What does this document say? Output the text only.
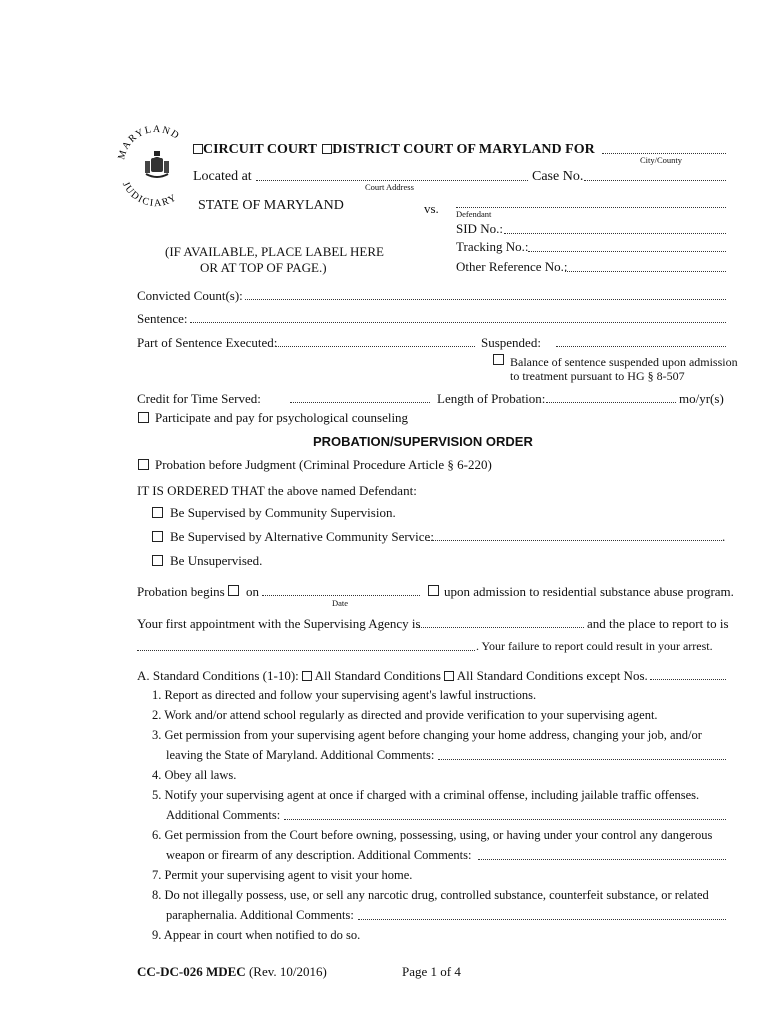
MARYLAND
JUDICIARY
CIRCUIT COURT DISTRICT COURT OF MARYLAND FOR
City/County
Located at
Court Address
Case No.
STATE OF MARYLAND	vs. Defendant
SID No.:
Tracking No.:
(IF AVAILABLE, PLACE LABEL HERE
OR AT TOP OF PAGE.)	Other Reference No.:
Convicted Count(s):
Sentence:
Part of Sentence Executed:	Suspended:
Balance of sentence suspended upon admission
to treatment pursuant to HG § 8-507
Credit for Time Served:	Length of Probation:	mo/yr(s)
Participate and pay for psychological counseling
PROBATION/SUPERVISION ORDER
Probation before Judgment (Criminal Procedure Article § 6-220)
IT IS ORDERED THAT the above named Defendant:
Be Supervised by Community Supervision.
Be Supervised by Alternative Community Service:	.
Be Unsupervised.
Probation begins on
Date
upon admission to residential substance abuse program.
Your first appointment with the Supervising Agency is	and the place to report to is
. Your failure to report could result in your arrest.
A. Standard Conditions (1-10): All Standard Conditions All Standard Conditions except Nos.
1. Report as directed and follow your supervising agent's lawful instructions.
2. Work and/or attend school regularly as directed and provide verification to your supervising agent.
3. Get permission from your supervising agent before changing your home address, changing your job, and/or
leaving the State of Maryland. Additional Comments:
4. Obey all laws.
5. Notify your supervising agent at once if charged with a criminal offense, including jailable traffic offenses.
Additional Comments:
6. Get permission from the Court before owning, possessing, using, or having under your control any dangerous
weapon or firearm of any description. Additional Comments:
7. Permit your supervising agent to visit your home.
8. Do not illegally possess, use, or sell any narcotic drug, controlled substance, counterfeit substance, or related
paraphernalia. Additional Comments:
9. Appear in court when notified to do so.
CC-DC-026 MDEC (Rev. 10/2016)	Page 1 of 4
